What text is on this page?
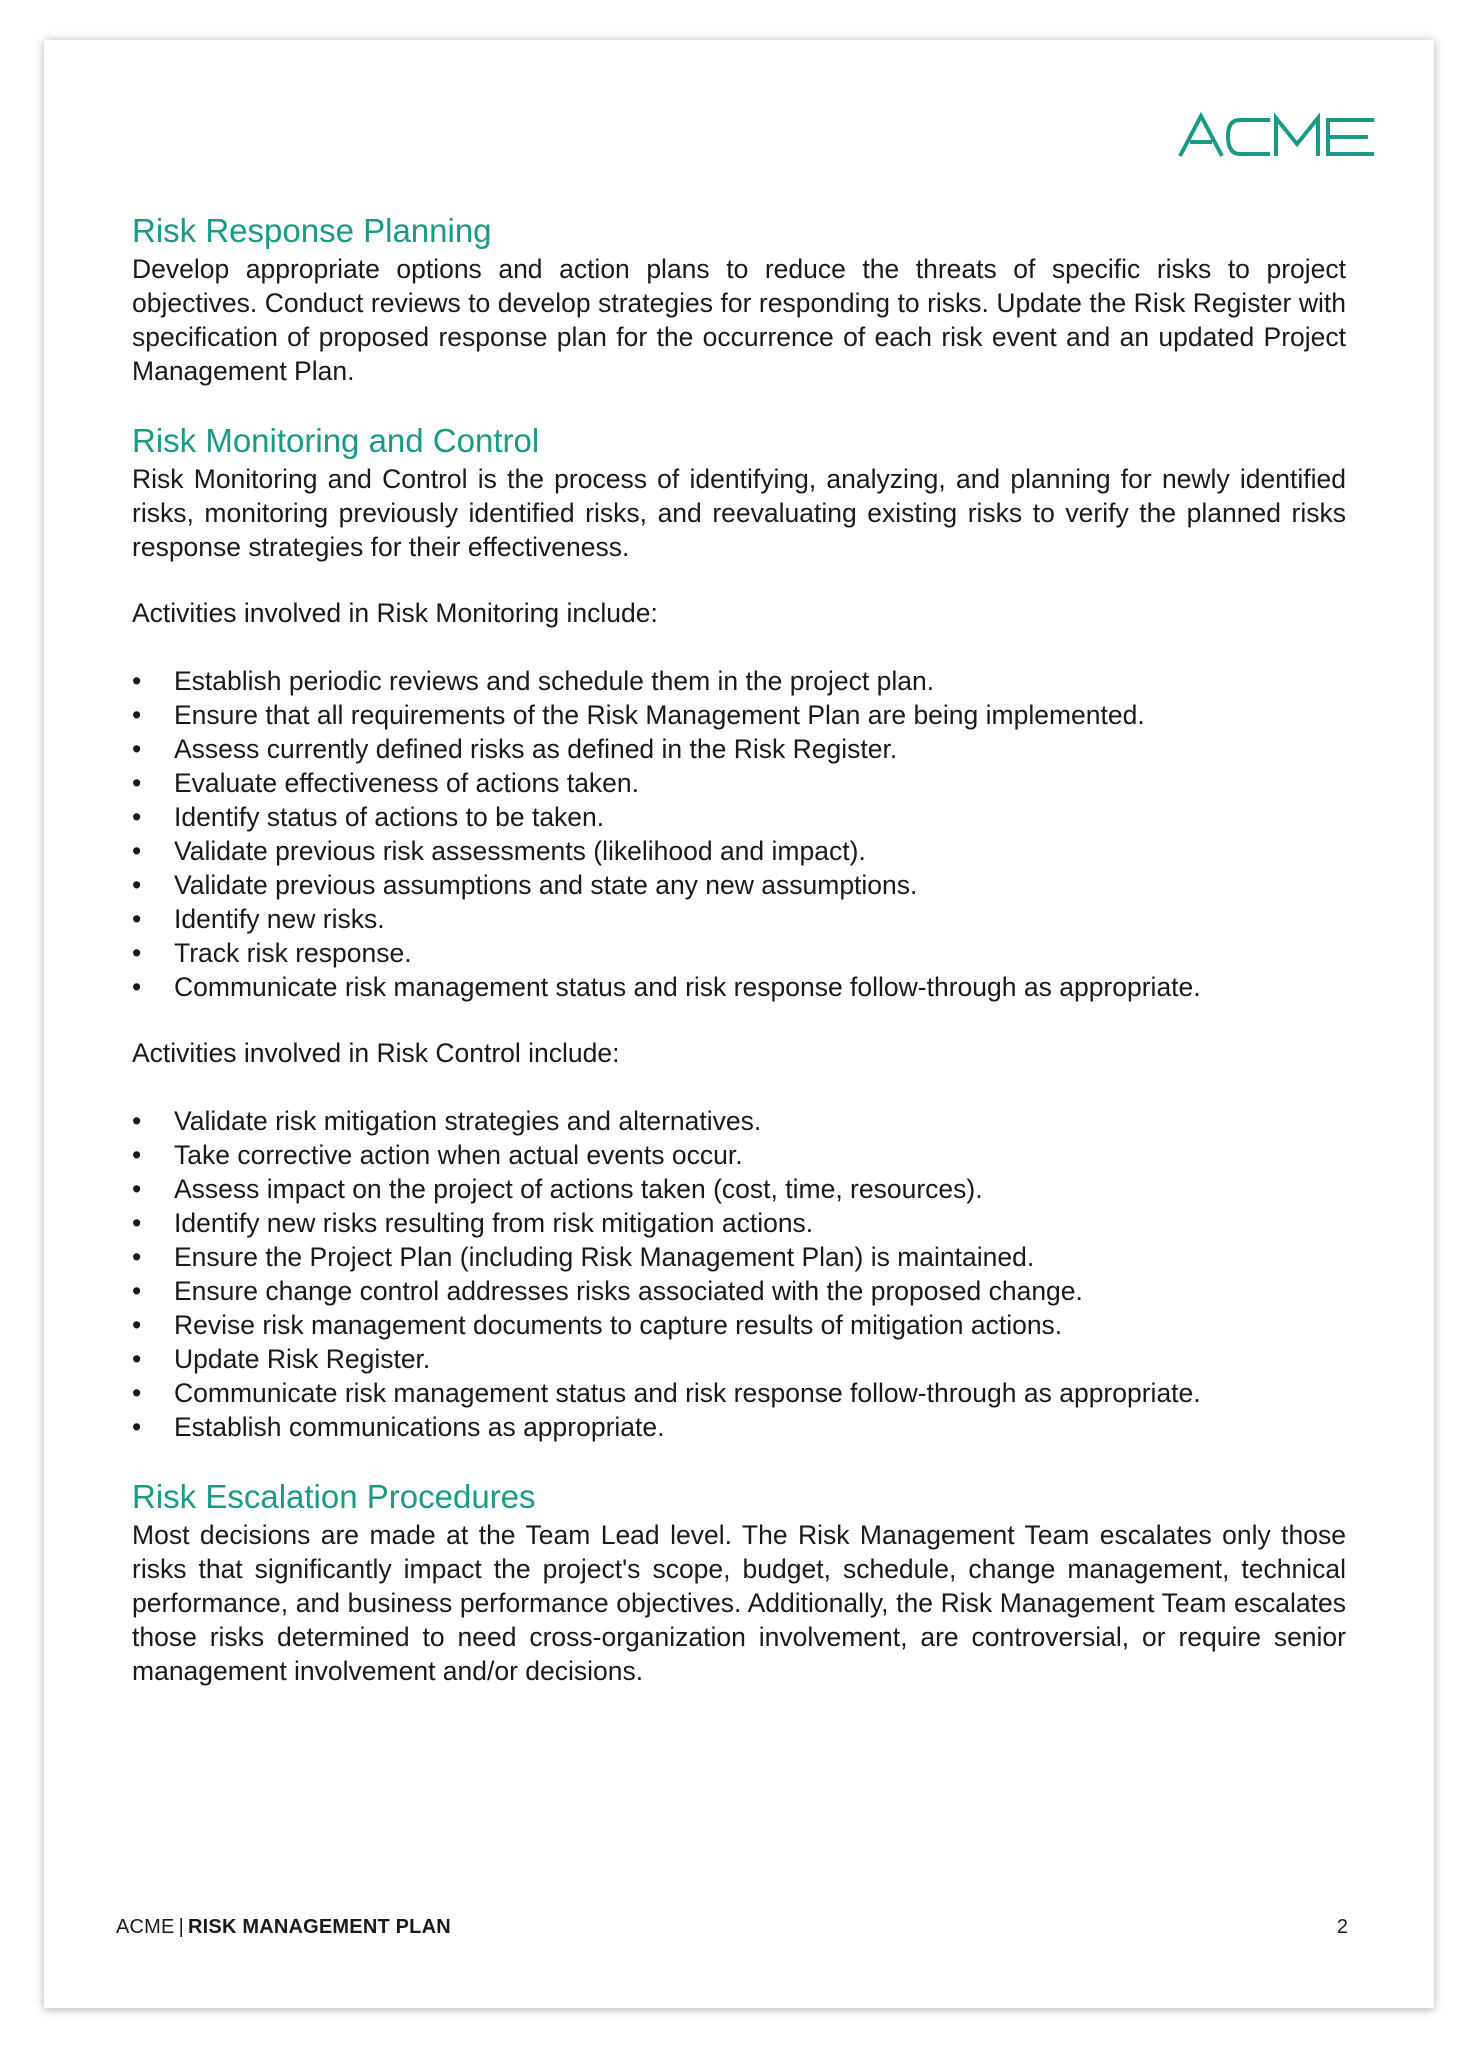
Risk Response Planning

Develop appropriate options and action plans to reduce the threats of specific risks to project objectives. Conduct reviews to develop strategies for responding to risks. Update the Risk Register with specification of proposed response plan for the occurrence of each risk event and an updated Project Management Plan.

Risk Monitoring and Control

Risk Monitoring and Control is the process of identifying, analyzing, and planning for newly identified risks, monitoring previously identified risks, and reevaluating existing risks to verify the planned risks response strategies for their effectiveness.

Activities involved in Risk Monitoring include:

• Establish periodic reviews and schedule them in the project plan.
• Ensure that all requirements of the Risk Management Plan are being implemented.
• Assess currently defined risks as defined in the Risk Register.
• Evaluate effectiveness of actions taken.
• Identify status of actions to be taken.
• Validate previous risk assessments (likelihood and impact).
• Validate previous assumptions and state any new assumptions.
• Identify new risks.
• Track risk response.
• Communicate risk management status and risk response follow-through as appropriate.

Activities involved in Risk Control include:

• Validate risk mitigation strategies and alternatives.
• Take corrective action when actual events occur.
• Assess impact on the project of actions taken (cost, time, resources).
• Identify new risks resulting from risk mitigation actions.
• Ensure the Project Plan (including Risk Management Plan) is maintained.
• Ensure change control addresses risks associated with the proposed change.
• Revise risk management documents to capture results of mitigation actions.
• Update Risk Register.
• Communicate risk management status and risk response follow-through as appropriate.
• Establish communications as appropriate.
Risk Escalation Procedures

Most decisions are made at the Team Lead level. The Risk Management Team escalates only those risks that significantly impact the project's scope, budget, schedule, change management, technical performance, and business performance objectives. Additionally, the Risk Management Team escalates those risks determined to need cross-organization involvement, are controversial, or require senior management involvement and/or decisions.

ACME | RISK MANAGEMENT PLAN	2
